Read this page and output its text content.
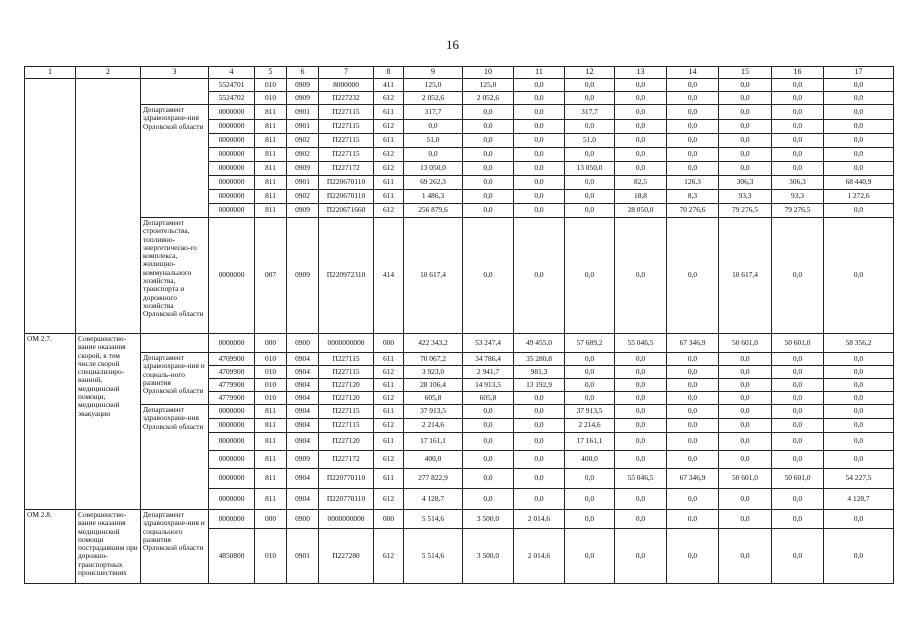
16
1	2	3	4	5	6	7	8	9	10	11	12	13	14	15	16	17
			5524701	010	0909	8000000	411	125,0	125,0	0,0	0,0	0,0	0,0	0,0	0,0	0,0
			5524702	010	0909	П227232	612	2 052,6	2 052,6	0,0	0,0	0,0	0,0	0,0	0,0	0,0
		Департамент здравоохране-ния Орловской области	0000000	811	0901	П227115	611	317,7	0,0	0,0	317,7	0,0	0,0	0,0	0,0	0,0
			0000000	811	0901	П227115	612	0,0	0,0	0,0	0,0	0,0	0,0	0,0	0,0	0,0
			0000000	811	0902	П227115	611	51,0	0,0	0,0	51,0	0,0	0,0	0,0	0,0	0,0
			0000000	811	0902	П227115	612	0,0	0,0	0,0	0,0	0,0	0,0	0,0	0,0	0,0
			0000000	811	0909	П227172	612	13 050,0	0,0	0,0	13 050,0	0,0	0,0	0,0	0,0	0,0
			0000000	811	0901	П220670110	611	69 262,3	0,0	0,0	0,0	82,5	126,3	306,3	306,3	68 440,9
			0000000	811	0902	П220670110	611	1 486,3	0,0	0,0	0,0	18,8	8,3	93,3	93,3	1 272,6
			0000000	811	0909	П220671660	612	256 879,6	0,0	0,0	0,0	28 050,0	70 276,6	79 276,5	79 276,5	0,0
		Департамент строительства, топливно-энергетическо-го комплекса, жилищно-коммунального хозяйства, транспорта и дорожного хозяйства Орловской области	0000000	007	0909	П220972310	414	10 617,4	0,0	0,0	0,0	0,0	0,0	10 617,4	0,0	0,0
ОМ 2.7.	Совершенство-вание оказания скорой, в том числе скорой специализиро-ванной, медицинской помощи, медицинской эвакуации		0000000	000	0900	0000000000	000	422 343,2	53 247,4	49 455,0	57 689,2	55 046,5	67 346,9	50 601,0	50 601,0	58 356,2
		Департамент здравоохране-ния и социаль-ного развития Орловской области	4709900	010	0904	П227115	611	70 067,2	34 786,4	35 280,8	0,0	0,0	0,0	0,0	0,0	0,0
			4709900	010	0904	П227115	612	3 923,0	2 941,7	981,3	0,0	0,0	0,0	0,0	0,0	0,0
			4779900	010	0904	П227120	611	28 106,4	14 913,5	13 192,9	0,0	0,0	0,0	0,0	0,0	0,0
			4779900	010	0904	П227120	612	605,8	605,8	0,0	0,0	0,0	0,0	0,0	0,0	0,0
		Департамент здравоохране-ния Орловской области	0000000	811	0904	П227115	611	37 913,5	0,0	0,0	37 913,5	0,0	0,0	0,0	0,0	0,0
			0000000	811	0904	П227115	612	2 214,6	0,0	0,0	2 214,6	0,0	0,0	0,0	0,0	0,0
			0000000	811	0904	П227120	611	17 161,1	0,0	0,0	17 161,1	0,0	0,0	0,0	0,0	0,0
			0000000	811	0909	П227172	612	400,0	0,0	0,0	400,0	0,0	0,0	0,0	0,0	0,0
			0000000	811	0904	П220770110	611	277 822,9	0,0	0,0	0,0	55 046,5	67 346,9	50 601,0	50 601,0	54 227,5
			0000000	811	0904	П220770110	612	4 128,7	0,0	0,0	0,0	0,0	0,0	0,0	0,0	4 128,7
ОМ 2.8.	Совершенство-вание оказания медицинской помощи пострадавшим при дорожно-транспортных происшествиях	Департамент здравоохране-ния и социального развития Орловской области	0000000	000	0900	0000000000	000	5 514,6	3 500,0	2 014,6	0,0	0,0	0,0	0,0	0,0	0,0
			4850800	010	0901	П227280	612	5 514,6	3 500,0	2 014,6	0,0	0,0	0,0	0,0	0,0	0,0
